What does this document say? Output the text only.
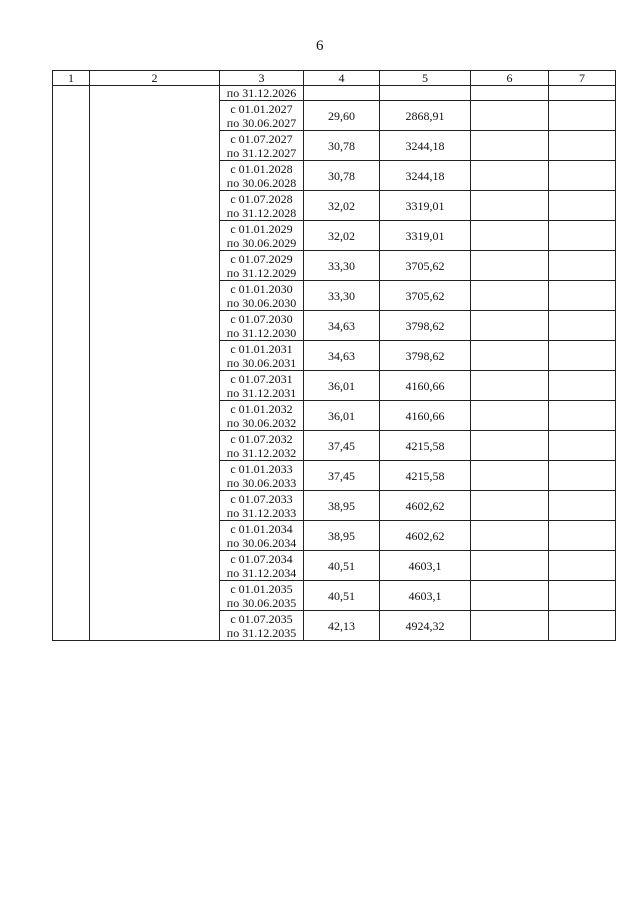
6
1	2	3	4	5	6	7
		по 31.12.2026				

		с 01.01.2027
по 30.06.2027	29,60	2868,91		

		с 01.07.2027
по 31.12.2027	30,78	3244,18		

		с 01.01.2028
по 30.06.2028	30,78	3244,18		

		с 01.07.2028
по 31.12.2028	32,02	3319,01		

		с 01.01.2029
по 30.06.2029	32,02	3319,01		

		с 01.07.2029
по 31.12.2029	33,30	3705,62		

		с 01.01.2030
по 30.06.2030	33,30	3705,62		

		с 01.07.2030
по 31.12.2030	34,63	3798,62		

		с 01.01.2031
по 30.06.2031	34,63	3798,62		

		с 01.07.2031
по 31.12.2031	36,01	4160,66		

		с 01.01.2032
по 30.06.2032	36,01	4160,66		

		с 01.07.2032
по 31.12.2032	37,45	4215,58		

		с 01.01.2033
по 30.06.2033	37,45	4215,58		

		с 01.07.2033
по 31.12.2033	38,95	4602,62		

		с 01.01.2034
по 30.06.2034	38,95	4602,62		

		с 01.07.2034
по 31.12.2034	40,51	4603,1		

		с 01.01.2035
по 30.06.2035	40,51	4603,1		

		с 01.07.2035
по 31.12.2035	42,13	4924,32		
